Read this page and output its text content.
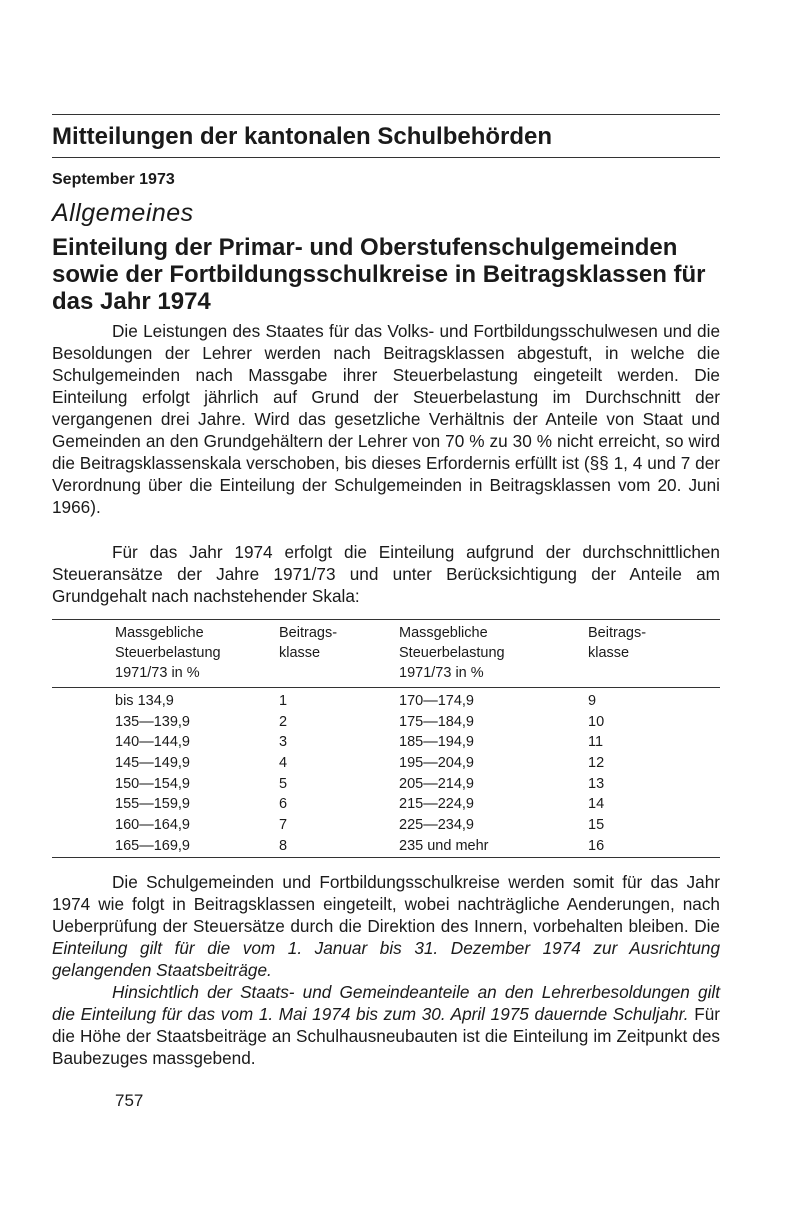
Mitteilungen der kantonalen Schulbehörden
September 1973
Allgemeines
Einteilung der Primar- und Oberstufenschulgemeinden sowie der Fortbildungsschulkreise in Beitragsklassen für das Jahr 1974

Die Leistungen des Staates für das Volks- und Fortbildungsschulwesen und die Besoldungen der Lehrer werden nach Beitragsklassen abgestuft, in welche die Schulgemeinden nach Massgabe ihrer Steuerbelastung eingeteilt werden. Die Einteilung erfolgt jährlich auf Grund der Steuerbelastung im Durchschnitt der vergangenen drei Jahre. Wird das gesetzliche Verhältnis der Anteile von Staat und Gemeinden an den Grundgehältern der Lehrer von 70 % zu 30 % nicht erreicht, so wird die Beitragsklassenskala verschoben, bis dieses Erfordernis erfüllt ist (§§ 1, 4 und 7 der Verordnung über die Einteilung der Schulgemeinden in Beitragsklassen vom 20. Juni 1966).

Für das Jahr 1974 erfolgt die Einteilung aufgrund der durchschnittlichen Steueransätze der Jahre 1971/73 und unter Berücksichtigung der Anteile am Grundgehalt nach nachstehender Skala:

Massgebliche
Steuerbelastung
1971/73 in %
Beitrags-
klasse
Massgebliche
Steuerbelastung
1971/73 in %
Beitrags-
klasse
bis 134,9
135—139,9
140—144,9
145—149,9
150—154,9
155—159,9
160—164,9
165—169,9
1
2
3
4
5
6
7
8
170—174,9
175—184,9
185—194,9
195—204,9
205—214,9
215—224,9
225—234,9
235 und mehr
9
10
11
12
13
14
15
16

Die Schulgemeinden und Fortbildungsschulkreise werden somit für das Jahr 1974 wie folgt in Beitragsklassen eingeteilt, wobei nachträgliche Aenderungen, nach Ueberprüfung der Steuersätze durch die Direktion des Innern, vorbehalten bleiben. Die Einteilung gilt für die vom 1. Januar bis 31. Dezember 1974 zur Ausrichtung gelangenden Staatsbeiträge.

Hinsichtlich der Staats- und Gemeindeanteile an den Lehrerbesoldungen gilt die Einteilung für das vom 1. Mai 1974 bis zum 30. April 1975 dauernde Schuljahr. Für die Höhe der Staatsbeiträge an Schulhausneubauten ist die Einteilung im Zeitpunkt des Baubezuges massgebend.

757
